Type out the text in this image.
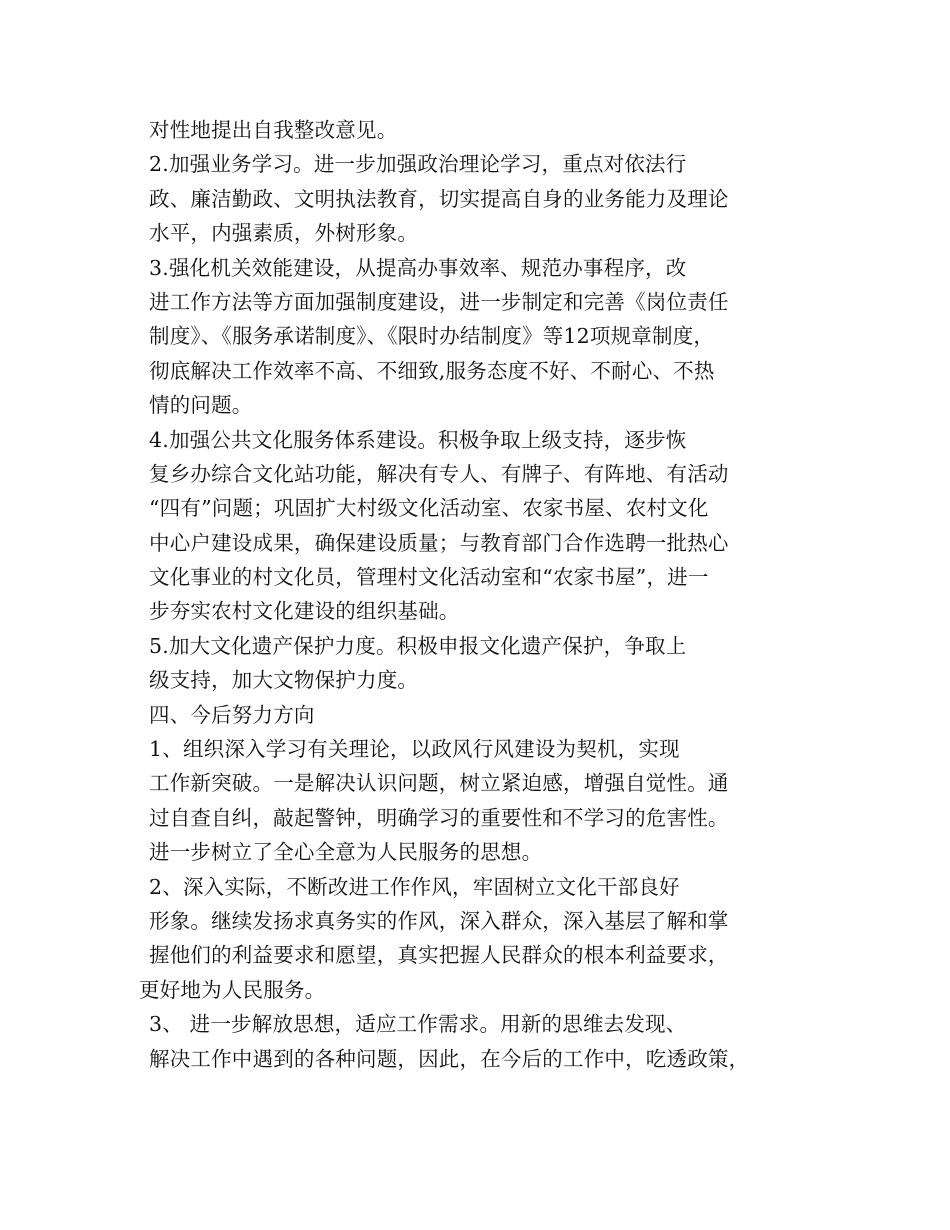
对性地提出自我整改意见。
2.加强业务学习。进一步加强政治理论学习，重点对依法行
政、廉洁勤政、文明执法教育，切实提高自身的业务能力及理论
水平，内强素质，外树形象。
3.强化机关效能建设，从提高办事效率、规范办事程序，改
进工作方法等方面加强制度建设，进一步制定和完善《岗位责任
制度》、《服务承诺制度》、《限时办结制度》等12项规章制度，
彻底解决工作效率不高、不细致,服务态度不好、不耐心、不热
情的问题。
4.加强公共文化服务体系建设。积极争取上级支持，逐步恢
复乡办综合文化站功能，解决有专人、有牌子、有阵地、有活动
“四有”问题；巩固扩大村级文化活动室、农家书屋、农村文化
中心户建设成果，确保建设质量；与教育部门合作选聘一批热心
文化事业的村文化员，管理村文化活动室和“农家书屋”，进一
步夯实农村文化建设的组织基础。
5.加大文化遗产保护力度。积极申报文化遗产保护，争取上
级支持，加大文物保护力度。
四、今后努力方向
1、组织深入学习有关理论，以政风行风建设为契机，实现
工作新突破。一是解决认识问题，树立紧迫感，增强自觉性。通
过自查自纠，敲起警钟，明确学习的重要性和不学习的危害性。
进一步树立了全心全意为人民服务的思想。
2、深入实际，不断改进工作作风，牢固树立文化干部良好
形象。继续发扬求真务实的作风，深入群众，深入基层了解和掌
握他们的利益要求和愿望，真实把握人民群众的根本利益要求，
更好地为人民服务。
3、 进一步解放思想，适应工作需求。用新的思维去发现、
解决工作中遇到的各种问题，因此，在今后的工作中，吃透政策，
